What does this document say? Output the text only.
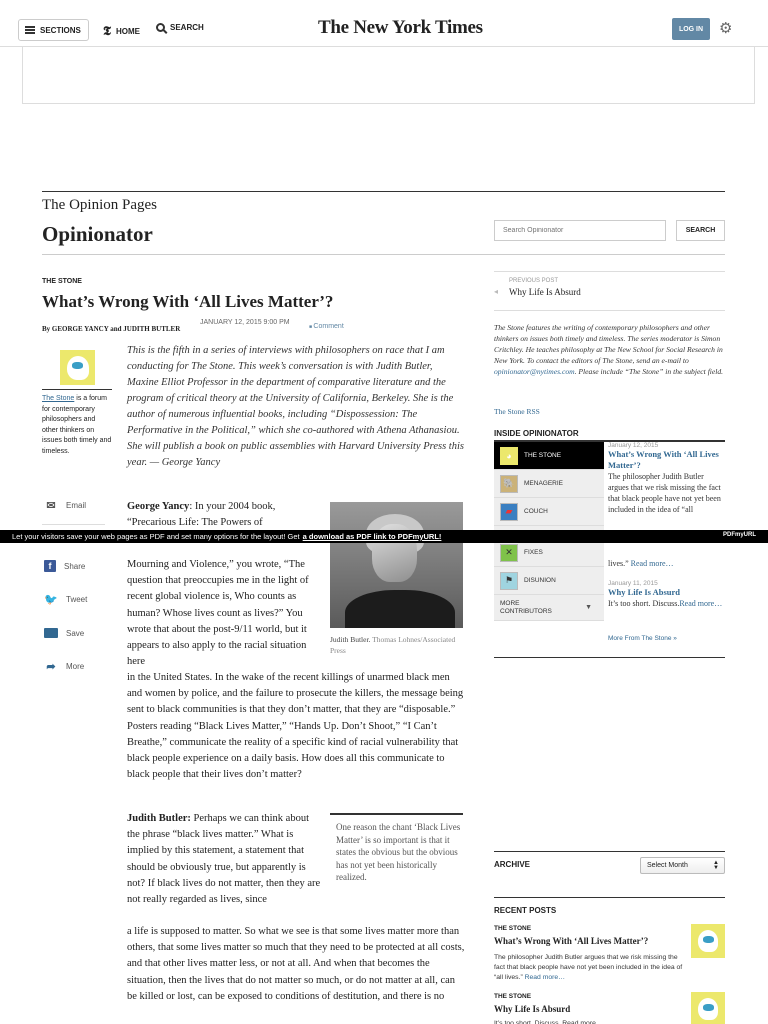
SECTIONS 𝕿 HOME	SEARCH	The New York Times	LOG IN	⚙
The Opinion Pages
Opinionator
Search Opinionator	SEARCH
THE STONE
What’s Wrong With ‘All Lives Matter’?
By GEORGE YANCY and JUDITH BUTLER
JANUARY 12, 2015 9:00 PM
■ Comment
The Stone is a forum for contemporary philosophers and other thinkers on issues both timely and timeless.
This is the fifth in a series of interviews with philosophers on race that I am conducting for The Stone. This week’s conversation is with Judith Butler, Maxine Elliot Professor in the department of comparative literature and the program of critical theory at the University of California, Berkeley. She is the author of numerous influential books, including “Dispossession: The Performative in the Political,” which she co-authored with Athena Athanasiou. She will publish a book on public assemblies with Harvard University Press this year. — George Yancy
✉ Email
f	Share
🐦 Tweet
Save
➦ More
George Yancy: In your 2004 book, “Precarious Life: The Powers of
Mourning and Violence,” you wrote, “The question that preoccupies me in the light of recent global violence is, Who counts as human? Whose lives count as lives?” You wrote that about the post-9/11 world, but it appears to also apply to the racial situation here
in the United States. In the wake of the recent killings of unarmed black men and women by police, and the failure to prosecute the killers, the message being sent to black communities is that they don’t matter, that they are “disposable.” Posters reading “Black Lives Matter,” “Hands Up. Don’t Shoot,” “I Can’t Breathe,” communicate the reality of a specific kind of racial vulnerability that black people experience on a daily basis. How does all this communicate to black people that their lives don’t matter?
Judith Butler. Thomas Lohnes/Associated Press
Judith Butler: Perhaps we can think about the phrase “black lives matter.” What is implied by this statement, a statement that should be obviously true, but apparently is not? If black lives do not matter, then they are not really regarded as lives, since
a life is supposed to matter. So what we see is that some lives matter more than others, that some lives matter so much that they need to be protected at all costs, and that other lives matter less, or not at all. And when that becomes the situation, then the lives that do not matter so much, or do not matter at all, can be killed or lost, can be exposed to conditions of destitution, and there is no
One reason the chant ‘Black Lives Matter’ is so important is that it states the obvious but the obvious has not yet been historically realized.
PREVIOUS POST
◂ Why Life Is Absurd
The Stone features the writing of contemporary philosophers and other thinkers on issues both timely and timeless. The series moderator is Simon Critchley. He teaches philosophy at The New School for Social Research in New York. To contact the editors of The Stone, send an e-mail to opinionator@nytimes.com. Please include “The Stone” in the subject field.
The Stone RSS
INSIDE OPINIONATOR
◕	THE STONE
🐘	MENAGERIE
▰	COUCH
✕	FIXES
⚑	DISUNION
MORE CONTRIBUTORS
▼
January 12, 2015
What’s Wrong With ‘All Lives Matter’?
The philosopher Judith Butler argues that we risk missing the fact that black people have not yet been included in the idea of “all
lives.” Read more…
January 11, 2015
Why Life Is Absurd
It’s too short. Discuss.Read more…
More From The Stone »
ARCHIVE	Select Month	▲
▼
RECENT POSTS
THE STONE
What’s Wrong With ‘All Lives Matter’?
The philosopher Judith Butler argues that we risk missing the fact that black people have not yet been included in the idea of “all lives.” Read more…
THE STONE
Why Life Is Absurd
It’s too short. Discuss. Read more…
Let your visitors save your web pages as PDF and set many options for the layout! Get a download as PDF link to PDFmyURL!	PDFmyURL
